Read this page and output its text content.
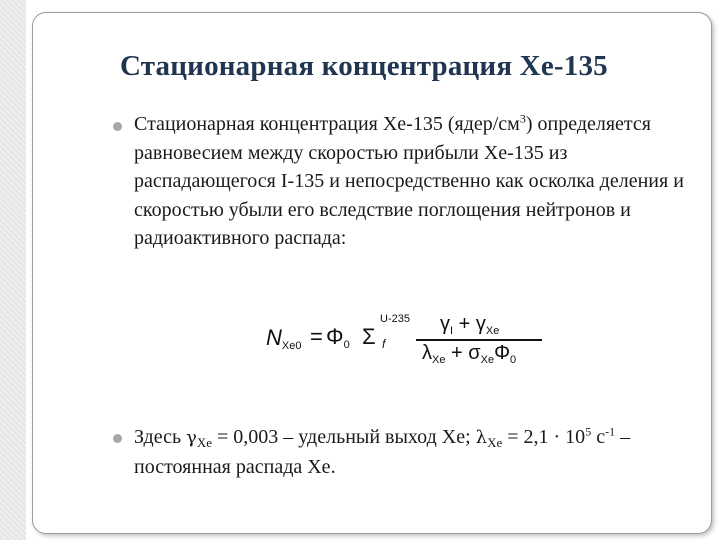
Стационарная концентрация Xe-135
Стационарная концентрация Xe-135 $(ядер/см^3)$ определяется равновесием между скоростью прибыли Xe-135 из распадающегося I-135 и непосредственно как осколка деления и скоростью убыли его вследствие поглощения нейтронов и радиоактивного распада:
$N_{Xe0} = \Phi 0$ Σ
U-235
f
$\gamma_I + \gamma_{Xe}$
$\lambda_{Xe} + \sigma_{Xe}\Phi_0$
Здесь $\gamma_{Xe} = 0,003$ – удельный выход Xe; $\lambda_{Xe} = 2,1 \cdot 10^5$ $с^{-1}$ – постоянная распада Xe.
